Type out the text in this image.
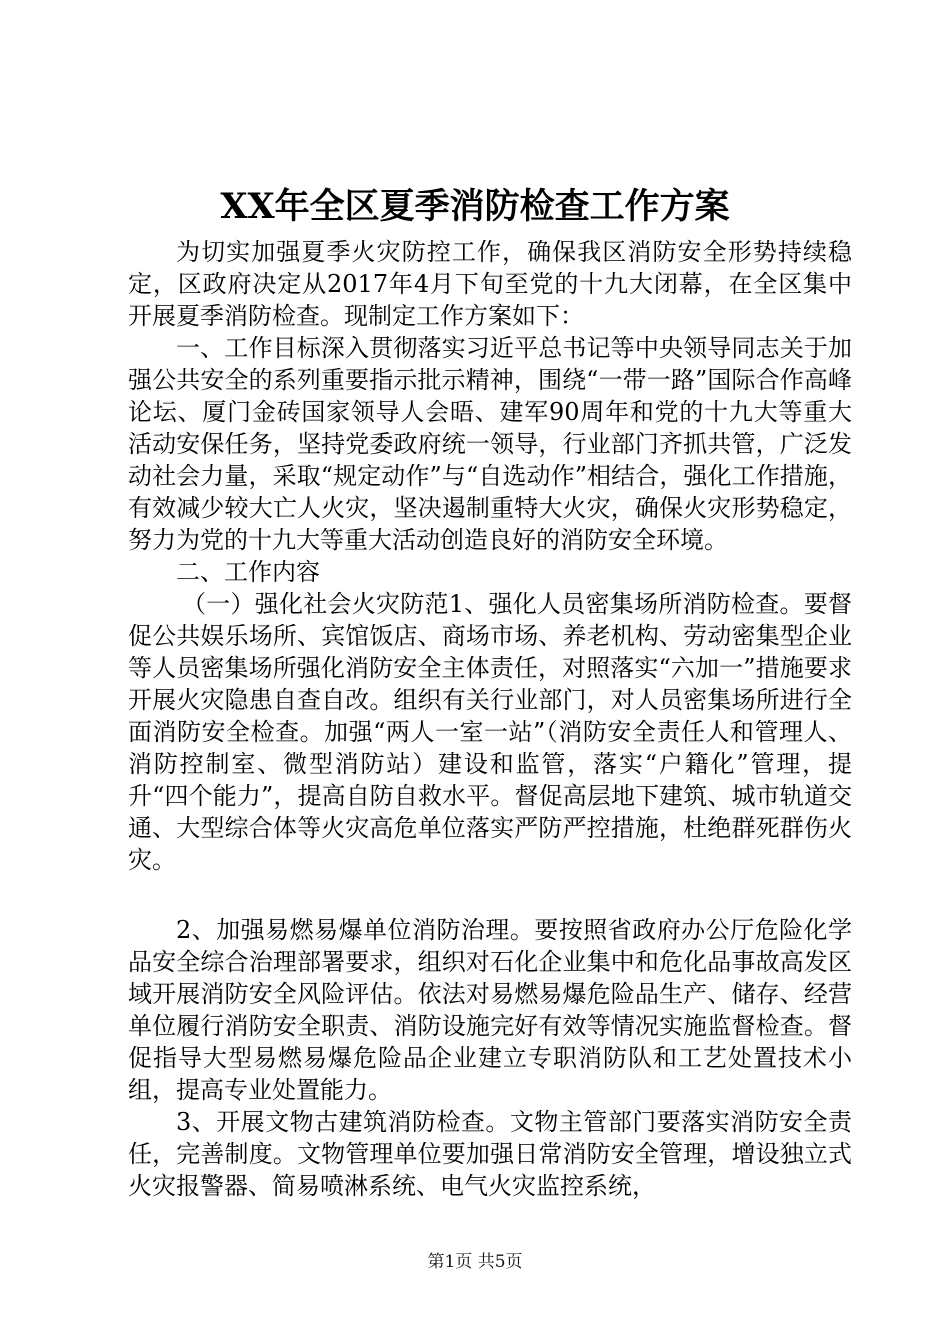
XX年全区夏季消防检查工作方案

为切实加强夏季火灾防控工作，确保我区消防安全形势持续稳定，区政府决定从2017年4月下旬至党的十九大闭幕，在全区集中开展夏季消防检查。现制定工作方案如下：

一、工作目标深入贯彻落实习近平总书记等中央领导同志关于加强公共安全的系列重要指示批示精神，围绕“一带一路”国际合作高峰论坛、厦门金砖国家领导人会晤、建军90周年和党的十九大等重大活动安保任务，坚持党委政府统一领导，行业部门齐抓共管，广泛发动社会力量，采取“规定动作”与“自选动作”相结合，强化工作措施，有效减少较大亡人火灾，坚决遏制重特大火灾，确保火灾形势稳定，努力为党的十九大等重大活动创造良好的消防安全环境。

二、工作内容

（一）强化社会火灾防范1、强化人员密集场所消防检查。要督促公共娱乐场所、宾馆饭店、商场市场、养老机构、劳动密集型企业等人员密集场所强化消防安全主体责任，对照落实“六加一”措施要求开展火灾隐患自查自改。组织有关行业部门，对人员密集场所进行全面消防安全检查。加强“两人一室一站”（消防安全责任人和管理人、消防控制室、微型消防站）建设和监管，落实“户籍化”管理，提升“四个能力”，提高自防自救水平。督促高层地下建筑、城市轨道交通、大型综合体等火灾高危单位落实严防严控措施，杜绝群死群伤火灾。

2、加强易燃易爆单位消防治理。要按照省政府办公厅危险化学品安全综合治理部署要求，组织对石化企业集中和危化品事故高发区域开展消防安全风险评估。依法对易燃易爆危险品生产、储存、经营单位履行消防安全职责、消防设施完好有效等情况实施监督检查。督促指导大型易燃易爆危险品企业建立专职消防队和工艺处置技术小组，提高专业处置能力。

3、开展文物古建筑消防检查。文物主管部门要落实消防安全责任，完善制度。文物管理单位要加强日常消防安全管理，增设独立式火灾报警器、简易喷淋系统、电气火灾监控系统，

第1页 共5页
